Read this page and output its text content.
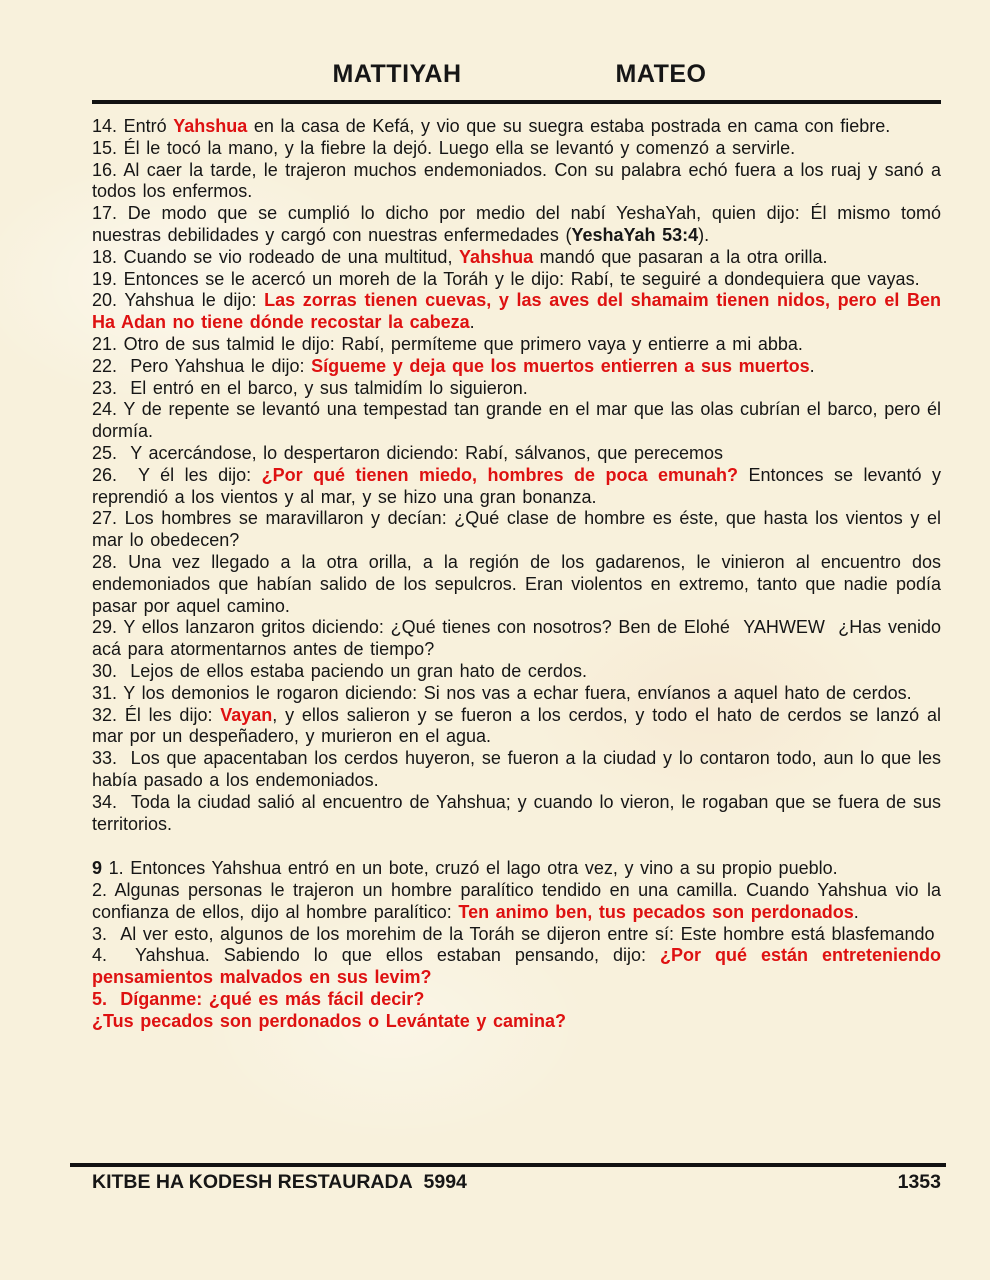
MATTIYAH	MATEO

14. Entró Yahshua en la casa de Kefá, y vio que su suegra estaba postrada en cama con fiebre.

15. Él le tocó la mano, y la fiebre la dejó. Luego ella se levantó y comenzó a servirle.

16. Al caer la tarde, le trajeron muchos endemoniados. Con su palabra echó fuera a los ruaj y sanó a todos los enfermos.

17. De modo que se cumplió lo dicho por medio del nabí YeshaYah, quien dijo: Él mismo tomó nuestras debilidades y cargó con nuestras enfermedades (YeshaYah 53:4).

18. Cuando se vio rodeado de una multitud, Yahshua mandó que pasaran a la otra orilla.

19. Entonces se le acercó un moreh de la Toráh y le dijo: Rabí, te seguiré a dondequiera que vayas.

20. Yahshua le dijo: Las zorras tienen cuevas, y las aves del shamaim tienen nidos, pero el Ben Ha Adan no tiene dónde recostar la cabeza.

21. Otro de sus talmid le dijo: Rabí, permíteme que primero vaya y entierre a mi abba.

22.  Pero Yahshua le dijo: Sígueme y deja que los muertos entierren a sus muertos.

23.  El entró en el barco, y sus talmidím lo siguieron.

24. Y de repente se levantó una tempestad tan grande en el mar que las olas cubrían el barco, pero él dormía.

25.  Y acercándose, lo despertaron diciendo: Rabí, sálvanos, que perecemos

26.  Y él les dijo: ¿Por qué tienen miedo, hombres de poca emunah? Entonces se levantó y reprendió a los vientos y al mar, y se hizo una gran bonanza.

27. Los hombres se maravillaron y decían: ¿Qué clase de hombre es éste, que hasta los vientos y el mar lo obedecen?

28. Una vez llegado a la otra orilla, a la región de los gadarenos, le vinieron al encuentro dos endemoniados que habían salido de los sepulcros. Eran violentos en extremo, tanto que nadie podía pasar por aquel camino.

29. Y ellos lanzaron gritos diciendo: ¿Qué tienes con nosotros? Ben de Elohé  YAHWEW  ¿Has venido acá para atormentarnos antes de tiempo?

30.  Lejos de ellos estaba paciendo un gran hato de cerdos.

31. Y los demonios le rogaron diciendo: Si nos vas a echar fuera, envíanos a aquel hato de cerdos.

32. Él les dijo: Vayan, y ellos salieron y se fueron a los cerdos, y todo el hato de cerdos se lanzó al mar por un despeñadero, y murieron en el agua.

33.  Los que apacentaban los cerdos huyeron, se fueron a la ciudad y lo contaron todo, aun lo que les había pasado a los endemoniados.

34.  Toda la ciudad salió al encuentro de Yahshua; y cuando lo vieron, le rogaban que se fuera de sus territorios.

9 1. Entonces Yahshua entró en un bote, cruzó el lago otra vez, y vino a su propio pueblo.

2. Algunas personas le trajeron un hombre paralítico tendido en una camilla. Cuando Yahshua vio la confianza de ellos, dijo al hombre paralítico: Ten animo ben, tus pecados son perdonados.

3.  Al ver esto, algunos de los morehim de la Toráh se dijeron entre sí: Este hombre está blasfemando

4.  Yahshua. Sabiendo lo que ellos estaban pensando, dijo: ¿Por qué están entreteniendo pensamientos malvados en sus levim?

5.  Díganme: ¿qué es más fácil decir?

¿Tus pecados son perdonados o Levántate y camina?

KITBE HA KODESH RESTAURADA  5994	1353
